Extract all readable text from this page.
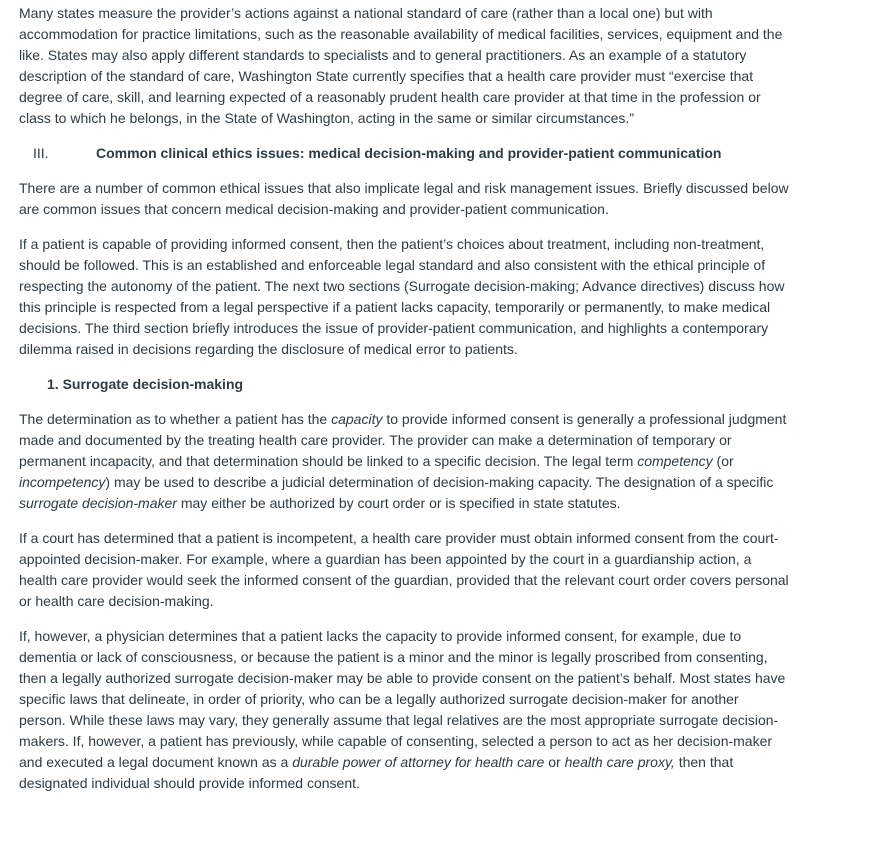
Many states measure the provider’s actions against a national standard of care (rather than a local one) but with accommodation for practice limitations, such as the reasonable availability of medical facilities, services, equipment and the like. States may also apply different standards to specialists and to general practitioners. As an example of a statutory description of the standard of care, Washington State currently specifies that a health care provider must “exercise that degree of care, skill, and learning expected of a reasonably prudent health care provider at that time in the profession or class to which he belongs, in the State of Washington, acting in the same or similar circumstances.”

III.	Common clinical ethics issues: medical decision-making and provider-patient communication

There are a number of common ethical issues that also implicate legal and risk management issues. Briefly discussed below are common issues that concern medical decision-making and provider-patient communication.

If a patient is capable of providing informed consent, then the patient’s choices about treatment, including non-treatment, should be followed. This is an established and enforceable legal standard and also consistent with the ethical principle of respecting the autonomy of the patient. The next two sections (Surrogate decision-making; Advance directives) discuss how this principle is respected from a legal perspective if a patient lacks capacity, temporarily or permanently, to make medical decisions. The third section briefly introduces the issue of provider-patient communication, and highlights a contemporary dilemma raised in decisions regarding the disclosure of medical error to patients.

1. Surrogate decision-making

The determination as to whether a patient has the capacity to provide informed consent is generally a professional judgment made and documented by the treating health care provider. The provider can make a determination of temporary or permanent incapacity, and that determination should be linked to a specific decision. The legal term competency (or incompetency) may be used to describe a judicial determination of decision-making capacity. The designation of a specific surrogate decision-maker may either be authorized by court order or is specified in state statutes.

If a court has determined that a patient is incompetent, a health care provider must obtain informed consent from the court-appointed decision-maker. For example, where a guardian has been appointed by the court in a guardianship action, a health care provider would seek the informed consent of the guardian, provided that the relevant court order covers personal or health care decision-making.

If, however, a physician determines that a patient lacks the capacity to provide informed consent, for example, due to dementia or lack of consciousness, or because the patient is a minor and the minor is legally proscribed from consenting, then a legally authorized surrogate decision-maker may be able to provide consent on the patient’s behalf. Most states have specific laws that delineate, in order of priority, who can be a legally authorized surrogate decision-maker for another person. While these laws may vary, they generally assume that legal relatives are the most appropriate surrogate decision-makers. If, however, a patient has previously, while capable of consenting, selected a person to act as her decision-maker and executed a legal document known as a durable power of attorney for health care or health care proxy, then that designated individual should provide informed consent.
